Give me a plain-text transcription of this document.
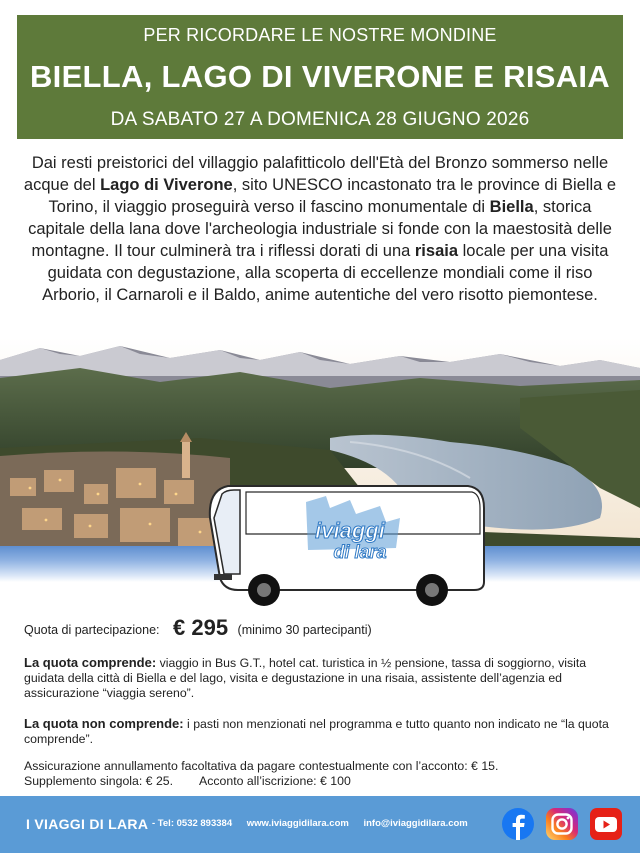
PER RICORDARE LE NOSTRE MONDINE
BIELLA, LAGO DI VIVERONE E RISAIA
DA SABATO 27 A DOMENICA 28 GIUGNO 2026
Dai resti preistorici del villaggio palafitticolo dell'Età del Bronzo sommerso nelle acque del Lago di Viverone, sito UNESCO incastonato tra le province di Biella e Torino, il viaggio proseguirà verso il fascino monumentale di Biella, storica capitale della lana dove l'archeologia industriale si fonde con la maestosità delle montagne. Il tour culminerà tra i riflessi dorati di una risaia locale per una visita guidata con degustazione, alla scoperta di eccellenze mondiali come il riso Arborio, il Carnaroli e il Baldo, anime autentiche del vero risotto piemontese.
iviaggi
di lara
Quota di partecipazione: € 295 (minimo 30 partecipanti)
La quota comprende: viaggio in Bus G.T., hotel cat. turistica in ½ pensione, tassa di soggiorno, visita guidata della città di Biella e del lago, visita e degustazione in una risaia, assistente dell’agenzia ed assicurazione “viaggia sereno”.
La quota non comprende: i pasti non menzionati nel programma e tutto quanto non indicato ne “la quota comprende”.
Assicurazione annullamento facoltativa da pagare contestualmente con l’acconto: € 15.
Supplemento singola: € 25. Acconto all’iscrizione: € 100
I VIAGGI DI LARA - Tel: 0532 893384 www.iviaggidilara.com info@iviaggidilara.com
